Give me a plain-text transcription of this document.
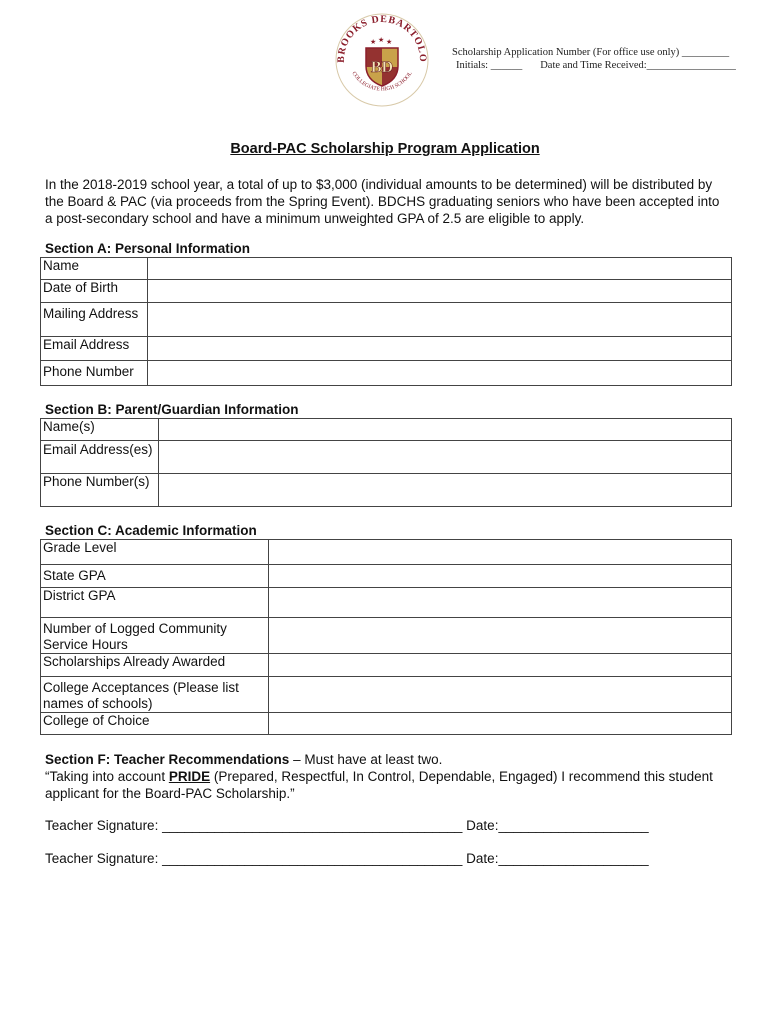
BROOKS DEBARTOLO
COLLEGIATE HIGH SCHOOL
★ ★ ★
BD
Scholarship Application Number (For office use only) _________
Initials: ______ Date and Time Received:_________________
Board-PAC Scholarship Program Application
In the 2018-2019 school year, a total of up to $3,000 (individual amounts to be determined) will be distributed by the Board & PAC (via proceeds from the Spring Event). BDCHS graduating seniors who have been accepted into a post-secondary school and have a minimum unweighted GPA of 2.5 are eligible to apply.
Section A: Personal Information
Name	
Date of Birth	
Mailing Address	
Email Address	
Phone Number	
Section B: Parent/Guardian Information
Name(s)	
Email Address(es)	
Phone Number(s)	
Section C: Academic Information
Grade Level	
State GPA	
District GPA	
Number of Logged Community Service Hours	
Scholarships Already Awarded	
College Acceptances (Please list names of schools)	
College of Choice	
Section F: Teacher Recommendations – Must have at least two.
“Taking into account PRIDE (Prepared, Respectful, In Control, Dependable, Engaged) I recommend this student applicant for the Board-PAC Scholarship.”
Teacher Signature: ________________________________________ Date:____________________
Teacher Signature: ________________________________________ Date:____________________
